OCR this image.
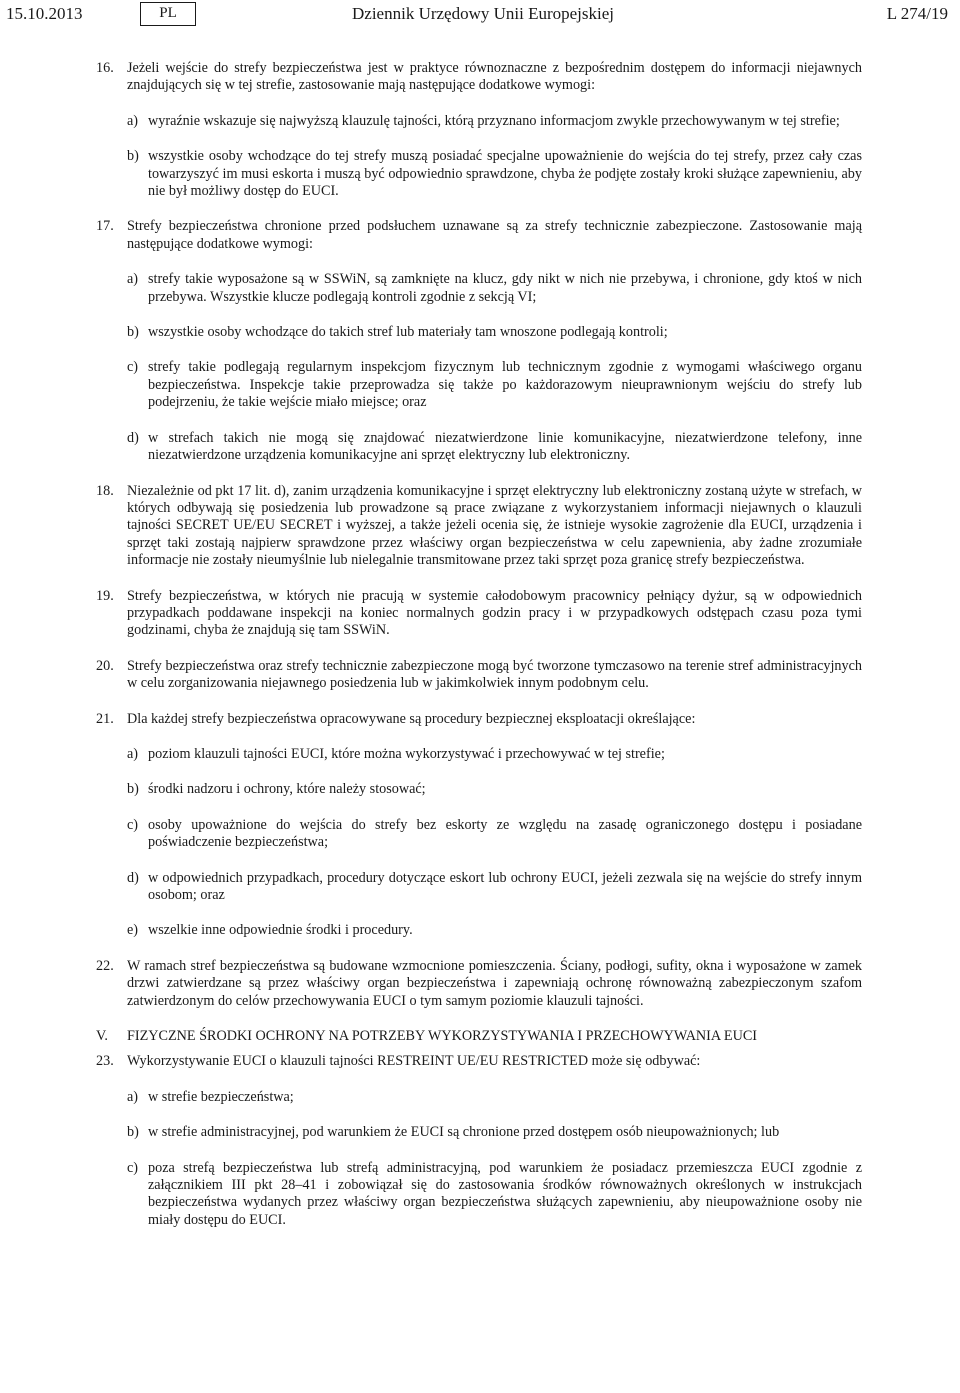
15.10.2013	PL	Dziennik Urzędowy Unii Europejskiej	L 274/19
16. Jeżeli wejście do strefy bezpieczeństwa jest w praktyce równoznaczne z bezpośrednim dostępem do informacji niejawnych znajdujących się w tej strefie, zastosowanie mają następujące dodatkowe wymogi:
a) wyraźnie wskazuje się najwyższą klauzulę tajności, którą przyznano informacjom zwykle przechowywanym w tej strefie;
b) wszystkie osoby wchodzące do tej strefy muszą posiadać specjalne upoważnienie do wejścia do tej strefy, przez cały czas towarzyszyć im musi eskorta i muszą być odpowiednio sprawdzone, chyba że podjęte zostały kroki służące zapewnieniu, aby nie był możliwy dostęp do EUCI.
17. Strefy bezpieczeństwa chronione przed podsłuchem uznawane są za strefy technicznie zabezpieczone. Zastosowanie mają następujące dodatkowe wymogi:
a) strefy takie wyposażone są w SSWiN, są zamknięte na klucz, gdy nikt w nich nie przebywa, i chronione, gdy ktoś w nich przebywa. Wszystkie klucze podlegają kontroli zgodnie z sekcją VI;
b) wszystkie osoby wchodzące do takich stref lub materiały tam wnoszone podlegają kontroli;
c) strefy takie podlegają regularnym inspekcjom fizycznym lub technicznym zgodnie z wymogami właściwego organu bezpieczeństwa. Inspekcje takie przeprowadza się także po każdorazowym nieuprawnionym wejściu do strefy lub podejrzeniu, że takie wejście miało miejsce; oraz
d) w strefach takich nie mogą się znajdować niezatwierdzone linie komunikacyjne, niezatwierdzone telefony, inne niezatwierdzone urządzenia komunikacyjne ani sprzęt elektryczny lub elektroniczny.
18. Niezależnie od pkt 17 lit. d), zanim urządzenia komunikacyjne i sprzęt elektryczny lub elektroniczny zostaną użyte w strefach, w których odbywają się posiedzenia lub prowadzone są prace związane z wykorzystaniem informacji niejawnych o klauzuli tajności SECRET UE/EU SECRET i wyższej, a także jeżeli ocenia się, że istnieje wysokie zagrożenie dla EUCI, urządzenia i sprzęt taki zostają najpierw sprawdzone przez właściwy organ bezpieczeństwa w celu zapewnienia, aby żadne zrozumiałe informacje nie zostały nieumyślnie lub nielegalnie transmitowane przez taki sprzęt poza granicę strefy bezpieczeństwa.
19. Strefy bezpieczeństwa, w których nie pracują w systemie całodobowym pracownicy pełniący dyżur, są w odpowiednich przypadkach poddawane inspekcji na koniec normalnych godzin pracy i w przypadkowych odstępach czasu poza tymi godzinami, chyba że znajdują się tam SSWiN.
20. Strefy bezpieczeństwa oraz strefy technicznie zabezpieczone mogą być tworzone tymczasowo na terenie stref administracyjnych w celu zorganizowania niejawnego posiedzenia lub w jakimkolwiek innym podobnym celu.
21. Dla każdej strefy bezpieczeństwa opracowywane są procedury bezpiecznej eksploatacji określające:
a) poziom klauzuli tajności EUCI, które można wykorzystywać i przechowywać w tej strefie;
b) środki nadzoru i ochrony, które należy stosować;
c) osoby upoważnione do wejścia do strefy bez eskorty ze względu na zasadę ograniczonego dostępu i posiadane poświadczenie bezpieczeństwa;
d) w odpowiednich przypadkach, procedury dotyczące eskort lub ochrony EUCI, jeżeli zezwala się na wejście do strefy innym osobom; oraz
e) wszelkie inne odpowiednie środki i procedury.
22. W ramach stref bezpieczeństwa są budowane wzmocnione pomieszczenia. Ściany, podłogi, sufity, okna i wyposażone w zamek drzwi zatwierdzane są przez właściwy organ bezpieczeństwa i zapewniają ochronę równoważną zabezpieczonym szafom zatwierdzonym do celów przechowywania EUCI o tym samym poziomie klauzuli tajności.
V. FIZYCZNE ŚRODKI OCHRONY NA POTRZEBY WYKORZYSTYWANIA I PRZECHOWYWANIA EUCI
23. Wykorzystywanie EUCI o klauzuli tajności RESTREINT UE/EU RESTRICTED może się odbywać:
a) w strefie bezpieczeństwa;
b) w strefie administracyjnej, pod warunkiem że EUCI są chronione przed dostępem osób nieupoważnionych; lub
c) poza strefą bezpieczeństwa lub strefą administracyjną, pod warunkiem że posiadacz przemieszcza EUCI zgodnie z załącznikiem III pkt 28–41 i zobowiązał się do zastosowania środków równoważnych określonych w instrukcjach bezpieczeństwa wydanych przez właściwy organ bezpieczeństwa służących zapewnieniu, aby nieupoważnione osoby nie miały dostępu do EUCI.
